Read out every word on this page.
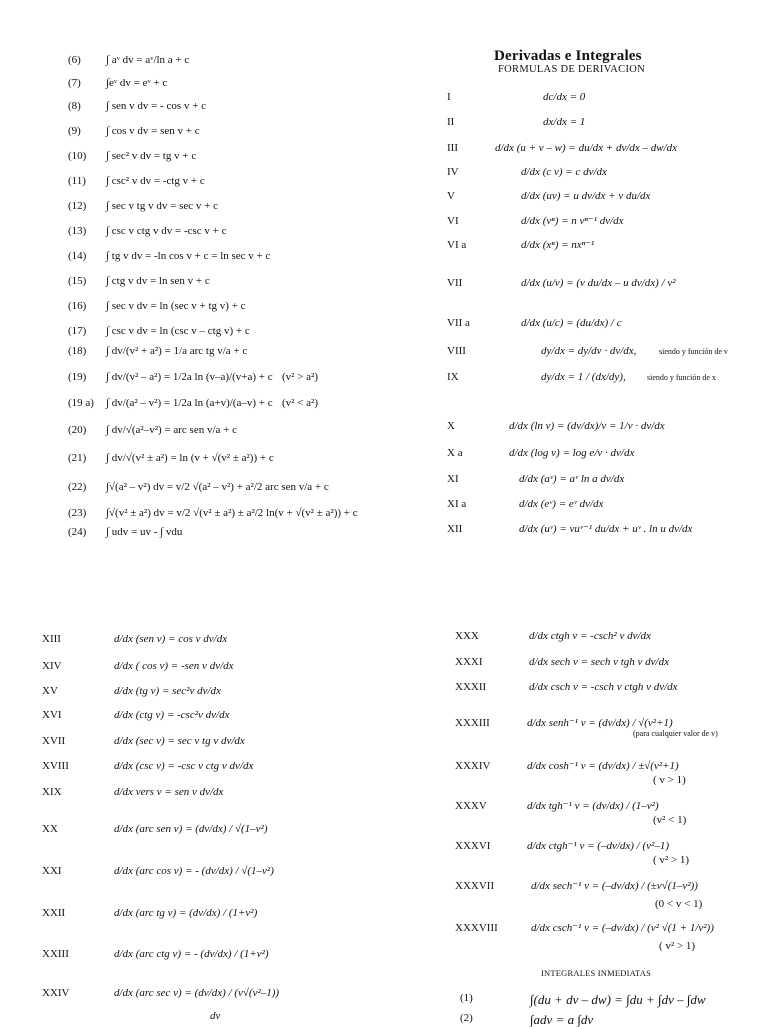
Derivadas e Integrales
FORMULAS DE DERIVACION
(6) ∫ aᵛ dv = aᵛ/ln a + c
(7) ∫eᵛ dv = eᵛ + c
(8) ∫ sen v dv = - cos v + c
(9) ∫ cos v dv = sen v + c
(10) ∫ sec² v dv = tg v + c
(11) ∫ csc² v dv = -ctg v + c
(12) ∫ sec v tg v dv = sec v + c
(13) ∫ csc v ctg v dv = -csc v + c
(14) ∫ tg v dv = -ln cos v + c = ln sec v + c
(15) ∫ ctg v dv = ln sen v + c
(16) ∫ sec v dv = ln (sec v + tg v) + c
(17) ∫ csc v dv = ln (csc v – ctg v) + c
(18) ∫ dv/(v² + a²) = 1/a arc tg v/a + c
(19) ∫ dv/(v² – a²) = 1/2a ln (v–a)/(v+a) + c (v² > a²)
(19 a) ∫ dv/(a² – v²) = 1/2a ln (a+v)/(a–v) + c (v² < a²)
(20) ∫ dv/√(a²–v²) = arc sen v/a + c
(21) ∫ dv/√(v² ± a²) = ln (v + √(v² ± a²)) + c
(22) ∫√(a² – v²) dv = v/2 √(a² – v²) + a²/2 arc sen v/a + c
(23) ∫√(v² ± a²) dv = v/2 √(v² ± a²) ± a²/2 ln(v + √(v² ± a²)) + c
(24) ∫ udv = uv - ∫ vdu
I	dc/dx = 0
II	dx/dx = 1
III	d/dx (u + v – w) = du/dx + dv/dx – dw/dx
IV	d/dx (c v) = c dv/dx
V	d/dx (uv) = u dv/dx + v du/dx
VI	d/dx (vⁿ) = n vⁿ⁻¹ dv/dx
VI a	d/dx (xⁿ) = nxⁿ⁻¹
VII	d/dx (u/v) = (v du/dx – u dv/dx) / v²
VII a	d/dx (u/c) = (du/dx) / c
VIII	dy/dx = dy/dv · dv/dx,	siendo y función de v
IX	dy/dx = 1 / (dx/dy),	siendo y función de x
X	d/dx (ln v) = (dv/dx)/v = 1/v · dv/dx
X a	d/dx (log v) = log e/v · dv/dx
XI	d/dx (aᵛ) = aᵛ ln a dv/dx
XI a	d/dx (eᵛ) = eᵛ dv/dx
XII	d/dx (uᵛ) = vuᵛ⁻¹ du/dx + uᵛ . ln u dv/dx
XIII	d/dx (sen v) = cos v dv/dx
XIV	d/dx ( cos v) = -sen v dv/dx
XV	d/dx (tg v) = sec²v dv/dx
XVI	d/dx (ctg v) = -csc²v dv/dx
XVII	d/dx (sec v) = sec v tg v dv/dx
XVIII	d/dx (csc v) = -csc v ctg v dv/dx
XIX	d/dx vers v = sen v dv/dx
XX	d/dx (arc sen v) = (dv/dx) / √(1–v²)
XXI	d/dx (arc cos v) = - (dv/dx) / √(1–v²)
XXII	d/dx (arc tg v) = (dv/dx) / (1+v²)
XXIII	d/dx (arc ctg v) = - (dv/dx) / (1+v²)
XXIV	d/dx (arc sec v) = (dv/dx) / (v√(v²–1))
dv
XXX	d/dx ctgh v = -csch² v dv/dx
XXXI	d/dx sech v = sech v tgh v dv/dx
XXXII	d/dx csch v = -csch v ctgh v dv/dx
XXXIII	d/dx senh⁻¹ v = (dv/dx) / √(v²+1)
(para cualquier valor de v)
XXXIV	d/dx cosh⁻¹ v = (dv/dx) / ±√(v²+1)
( v > 1)
XXXV	d/dx tgh⁻¹ v = (dv/dx) / (1–v²)
(v² < 1)
XXXVI	d/dx ctgh⁻¹ v = (–dv/dx) / (v²–1)
( v² > 1)
XXXVII	d/dx sech⁻¹ v = (–dv/dx) / (±v√(1–v²))
(0 < v < 1)
XXXVIII	d/dx csch⁻¹ v = (–dv/dx) / (v² √(1 + 1/v²))
( v² > 1)
INTEGRALES INMEDIATAS
(1)	∫(du + dv – dw) = ∫du + ∫dv – ∫dw
(2)	∫adv = a ∫dv
